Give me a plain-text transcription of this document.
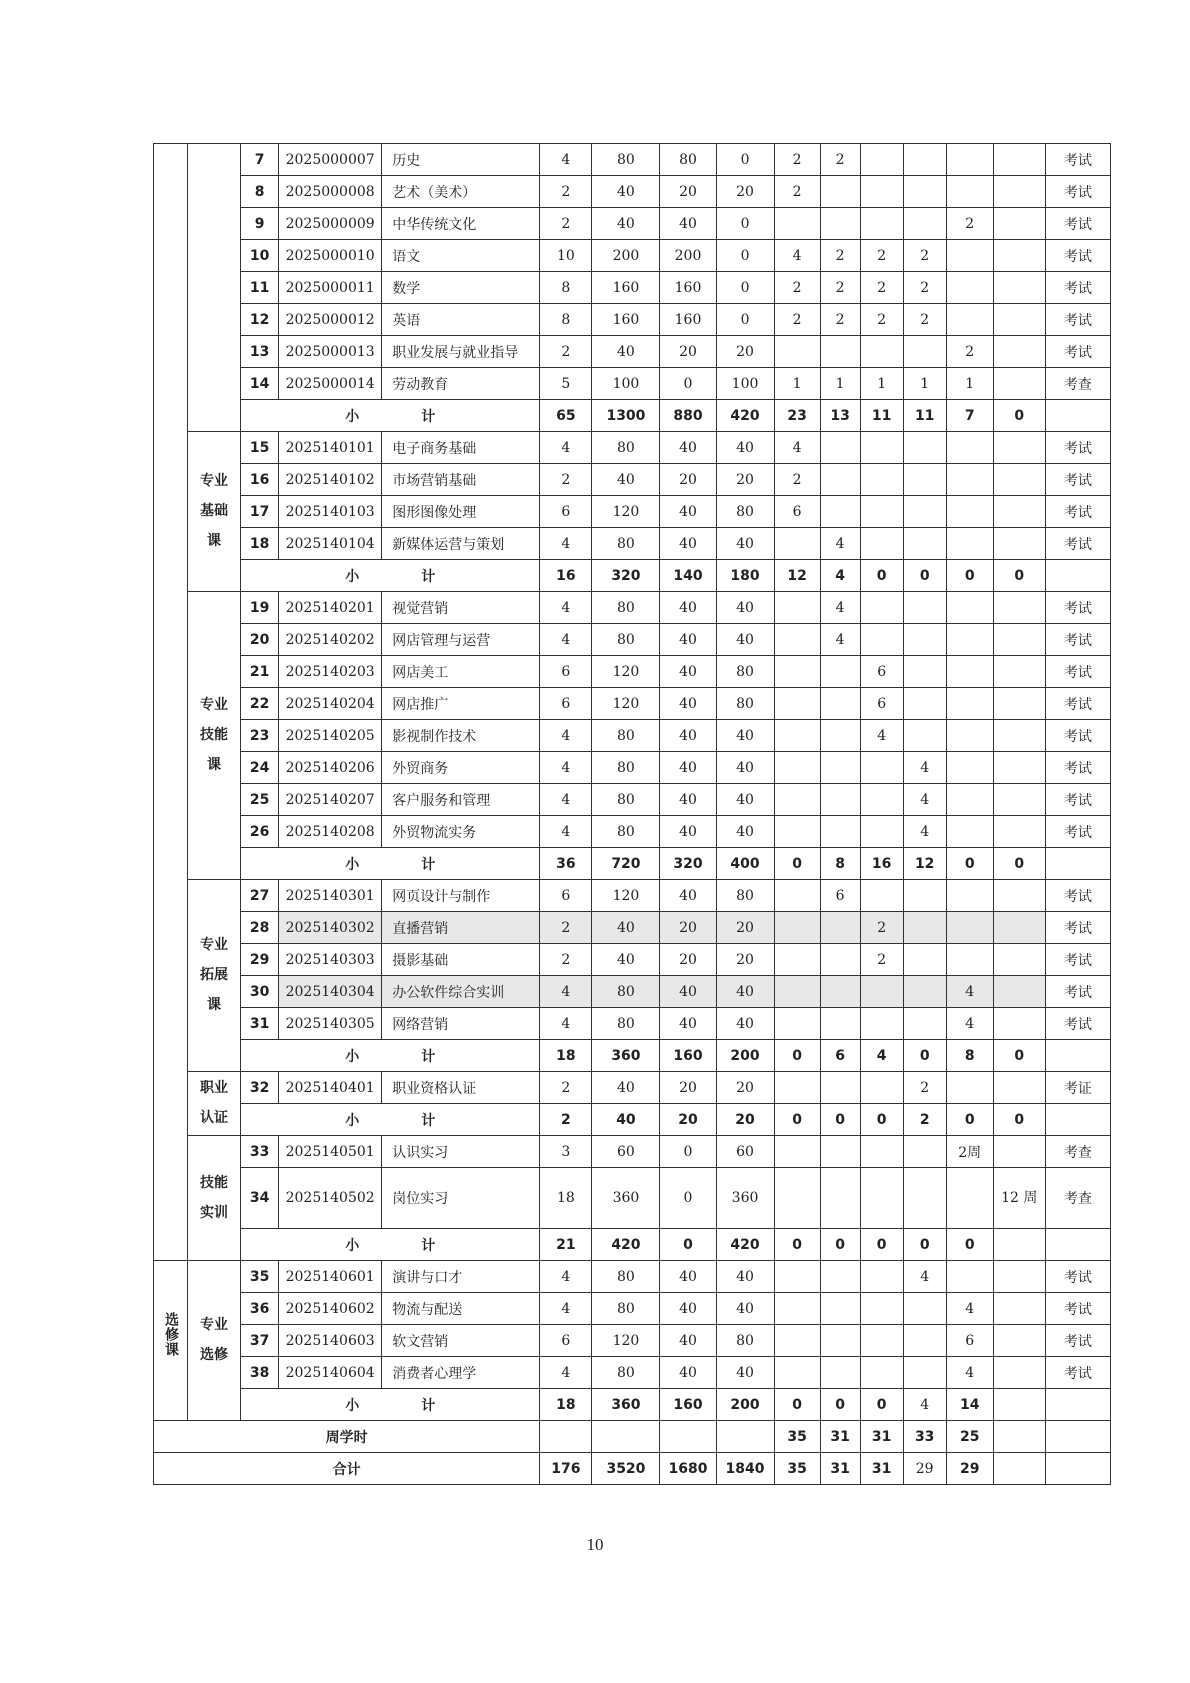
		7	2025000007	历史	4	80	80	0	2	2					考试
		8	2025000008	艺术（美术）	2	40	20	20	2						考试
		9	2025000009	中华传统文化	2	40	40	0					2		考试
		10	2025000010	语文	10	200	200	0	4	2	2	2			考试
		11	2025000011	数学	8	160	160	0	2	2	2	2			考试
		12	2025000012	英语	8	160	160	0	2	2	2	2			考试
		13	2025000013	职业发展与就业指导	2	40	20	20					2		考试
		14	2025000014	劳动教育	5	100	0	100	1	1	1	1	1		考查
		小 计			65	1300	880	420	23	13	11	11	7	0	
	专业基础课	15	2025140101	电子商务基础	4	80	40	40	4						考试
		16	2025140102	市场营销基础	2	40	20	20	2						考试
		17	2025140103	图形图像处理	6	120	40	80	6						考试
		18	2025140104	新媒体运营与策划	4	80	40	40		4					考试
		小 计			16	320	140	180	12	4	0	0	0	0	
	专业技能课	19	2025140201	视觉营销	4	80	40	40		4					考试
		20	2025140202	网店管理与运营	4	80	40	40		4					考试
		21	2025140203	网店美工	6	120	40	80			6				考试
		22	2025140204	网店推广	6	120	40	80			6				考试
		23	2025140205	影视制作技术	4	80	40	40			4				考试
		24	2025140206	外贸商务	4	80	40	40				4			考试
		25	2025140207	客户服务和管理	4	80	40	40				4			考试
		26	2025140208	外贸物流实务	4	80	40	40				4			考试
		小 计			36	720	320	400	0	8	16	12	0	0	
	专业拓展课	27	2025140301	网页设计与制作	6	120	40	80		6					考试
		28	2025140302	直播营销	2	40	20	20			2				考试
		29	2025140303	摄影基础	2	40	20	20			2				考试
		30	2025140304	办公软件综合实训	4	80	40	40					4		考试
		31	2025140305	网络营销	4	80	40	40					4		考试
		小 计			18	360	160	200	0	6	4	0	8	0	
	职业认证	32	2025140401	职业资格认证	2	40	20	20				2			考证
		小 计			2	40	20	20	0	0	0	2	0	0	
	技能实训	33	2025140501	认识实习	3	60	0	60					2周		考查
		34	2025140502	岗位实习	18	360	0	360						12 周	考查
		小 计			21	420	0	420	0	0	0	0	0		
选修课	专业选修	35	2025140601	演讲与口才	4	80	40	40				4			考试
		36	2025140602	物流与配送	4	80	40	40					4		考试
		37	2025140603	软文营销	6	120	40	80					6		考试
		38	2025140604	消费者心理学	4	80	40	40					4		考试
		小 计			18	360	160	200	0	0	0	4	14		
周学时									35	31	31	33	25		
合计					176	3520	1680	1840	35	31	31	29	29		
10
